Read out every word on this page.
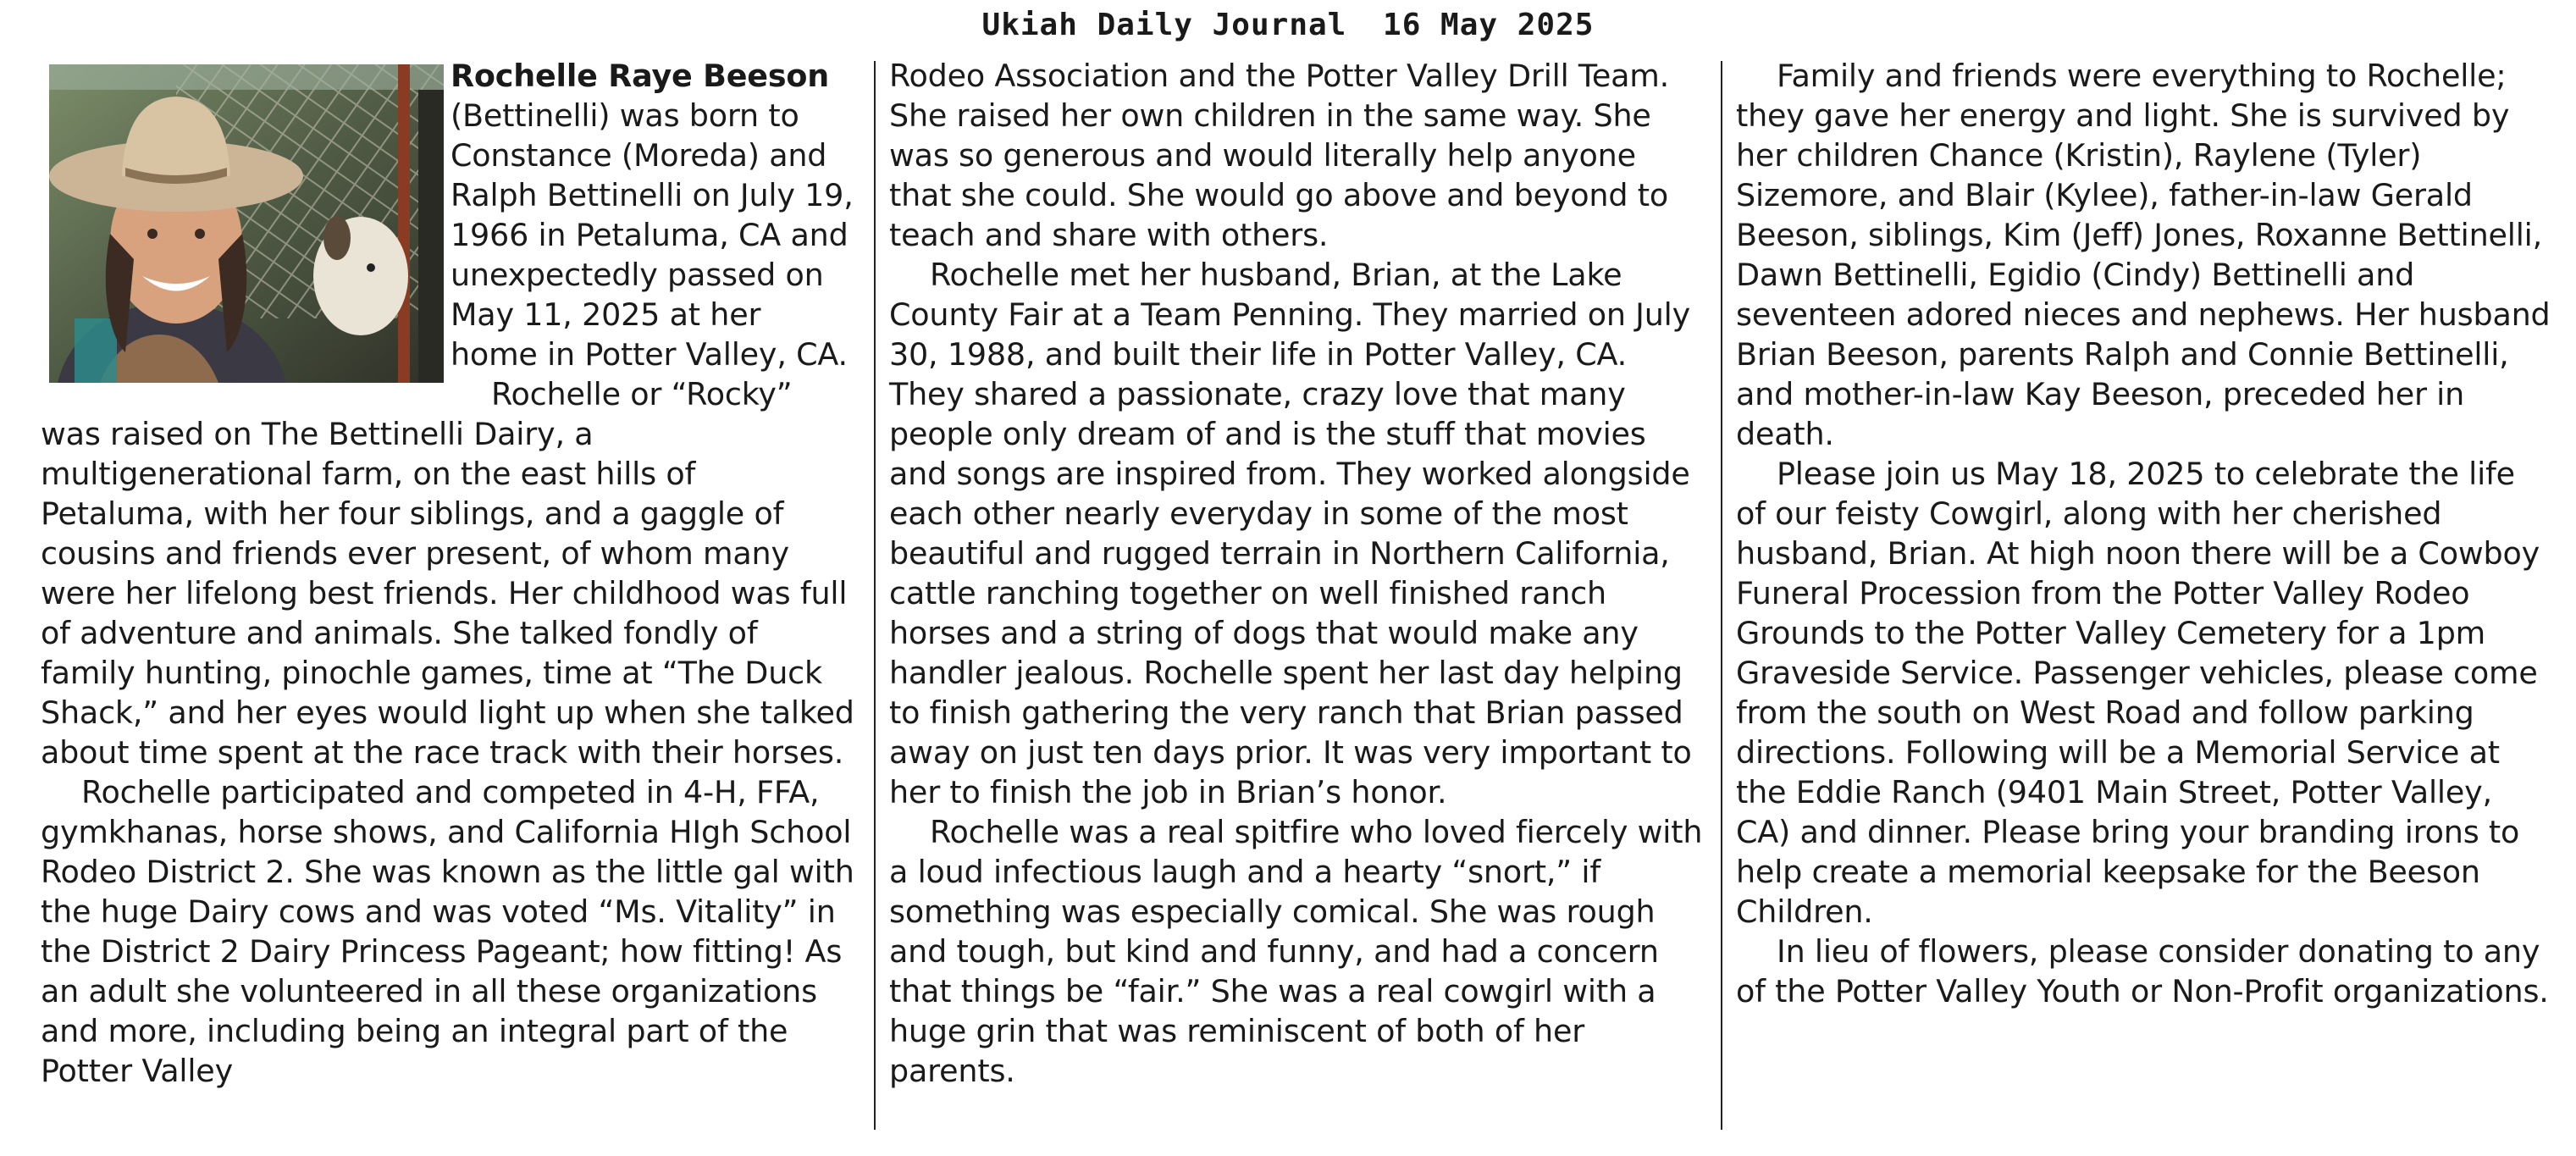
Ukiah Daily Journal 16 May 2025

Rochelle Raye Beeson (Bettinelli) was born to Constance (Moreda) and Ralph Bettinelli on July 19, 1966 in Petaluma, CA and unexpectedly passed on May 11, 2025 at her home in Potter Valley, CA.

Rochelle or “Rocky” was raised on The Bettinelli Dairy, a multigenerational farm, on the east hills of Petaluma, with her four siblings, and a gaggle of cousins and friends ever present, of whom many were her lifelong best friends. Her childhood was full of adventure and animals. She talked fondly of family hunting, pinochle games, time at “The Duck Shack,” and her eyes would light up when she talked about time spent at the race track with their horses.

Rochelle participated and competed in 4-H, FFA, gymkhanas, horse shows, and California HIgh School Rodeo District 2. She was known as the little gal with the huge Dairy cows and was voted “Ms. Vitality” in the District 2 Dairy Princess Pageant; how fitting! As an adult she volunteered in all these organizations and more, including being an integral part of the Potter Valley

Rodeo Association and the Potter Valley Drill Team. She raised her own children in the same way. She was so generous and would literally help anyone that she could. She would go above and beyond to teach and share with others.

Rochelle met her husband, Brian, at the Lake County Fair at a Team Penning. They married on July 30, 1988, and built their life in Potter Valley, CA. They shared a passionate, crazy love that many people only dream of and is the stuff that movies and songs are inspired from. They worked alongside each other nearly everyday in some of the most beautiful and rugged terrain in Northern California, cattle ranching together on well finished ranch horses and a string of dogs that would make any handler jealous. Rochelle spent her last day helping to finish gathering the very ranch that Brian passed away on just ten days prior. It was very important to her to finish the job in Brian’s honor.

Rochelle was a real spitfire who loved fiercely with a loud infectious laugh and a hearty “snort,” if something was especially comical. She was rough and tough, but kind and funny, and had a concern that things be “fair.” She was a real cowgirl with a huge grin that was reminiscent of both of her parents.

Family and friends were everything to Rochelle; they gave her energy and light. She is survived by her children Chance (Kristin), Raylene (Tyler) Sizemore, and Blair (Kylee), father-in-law Gerald Beeson, siblings, Kim (Jeff) Jones, Roxanne Bettinelli, Dawn Bettinelli, Egidio (Cindy) Bettinelli and seventeen adored nieces and nephews. Her husband Brian Beeson, parents Ralph and Connie Bettinelli, and mother-in-law Kay Beeson, preceded her in death.

Please join us May 18, 2025 to celebrate the life of our feisty Cowgirl, along with her cherished husband, Brian. At high noon there will be a Cowboy Funeral Procession from the Potter Valley Rodeo Grounds to the Potter Valley Cemetery for a 1pm Graveside Service. Passenger vehicles, please come from the south on West Road and follow parking directions. Following will be a Memorial Service at the Eddie Ranch (9401 Main Street, Potter Valley, CA) and dinner. Please bring your branding irons to help create a memorial keepsake for the Beeson Children.

In lieu of flowers, please consider donating to any of the Potter Valley Youth or Non-Profit organizations.
